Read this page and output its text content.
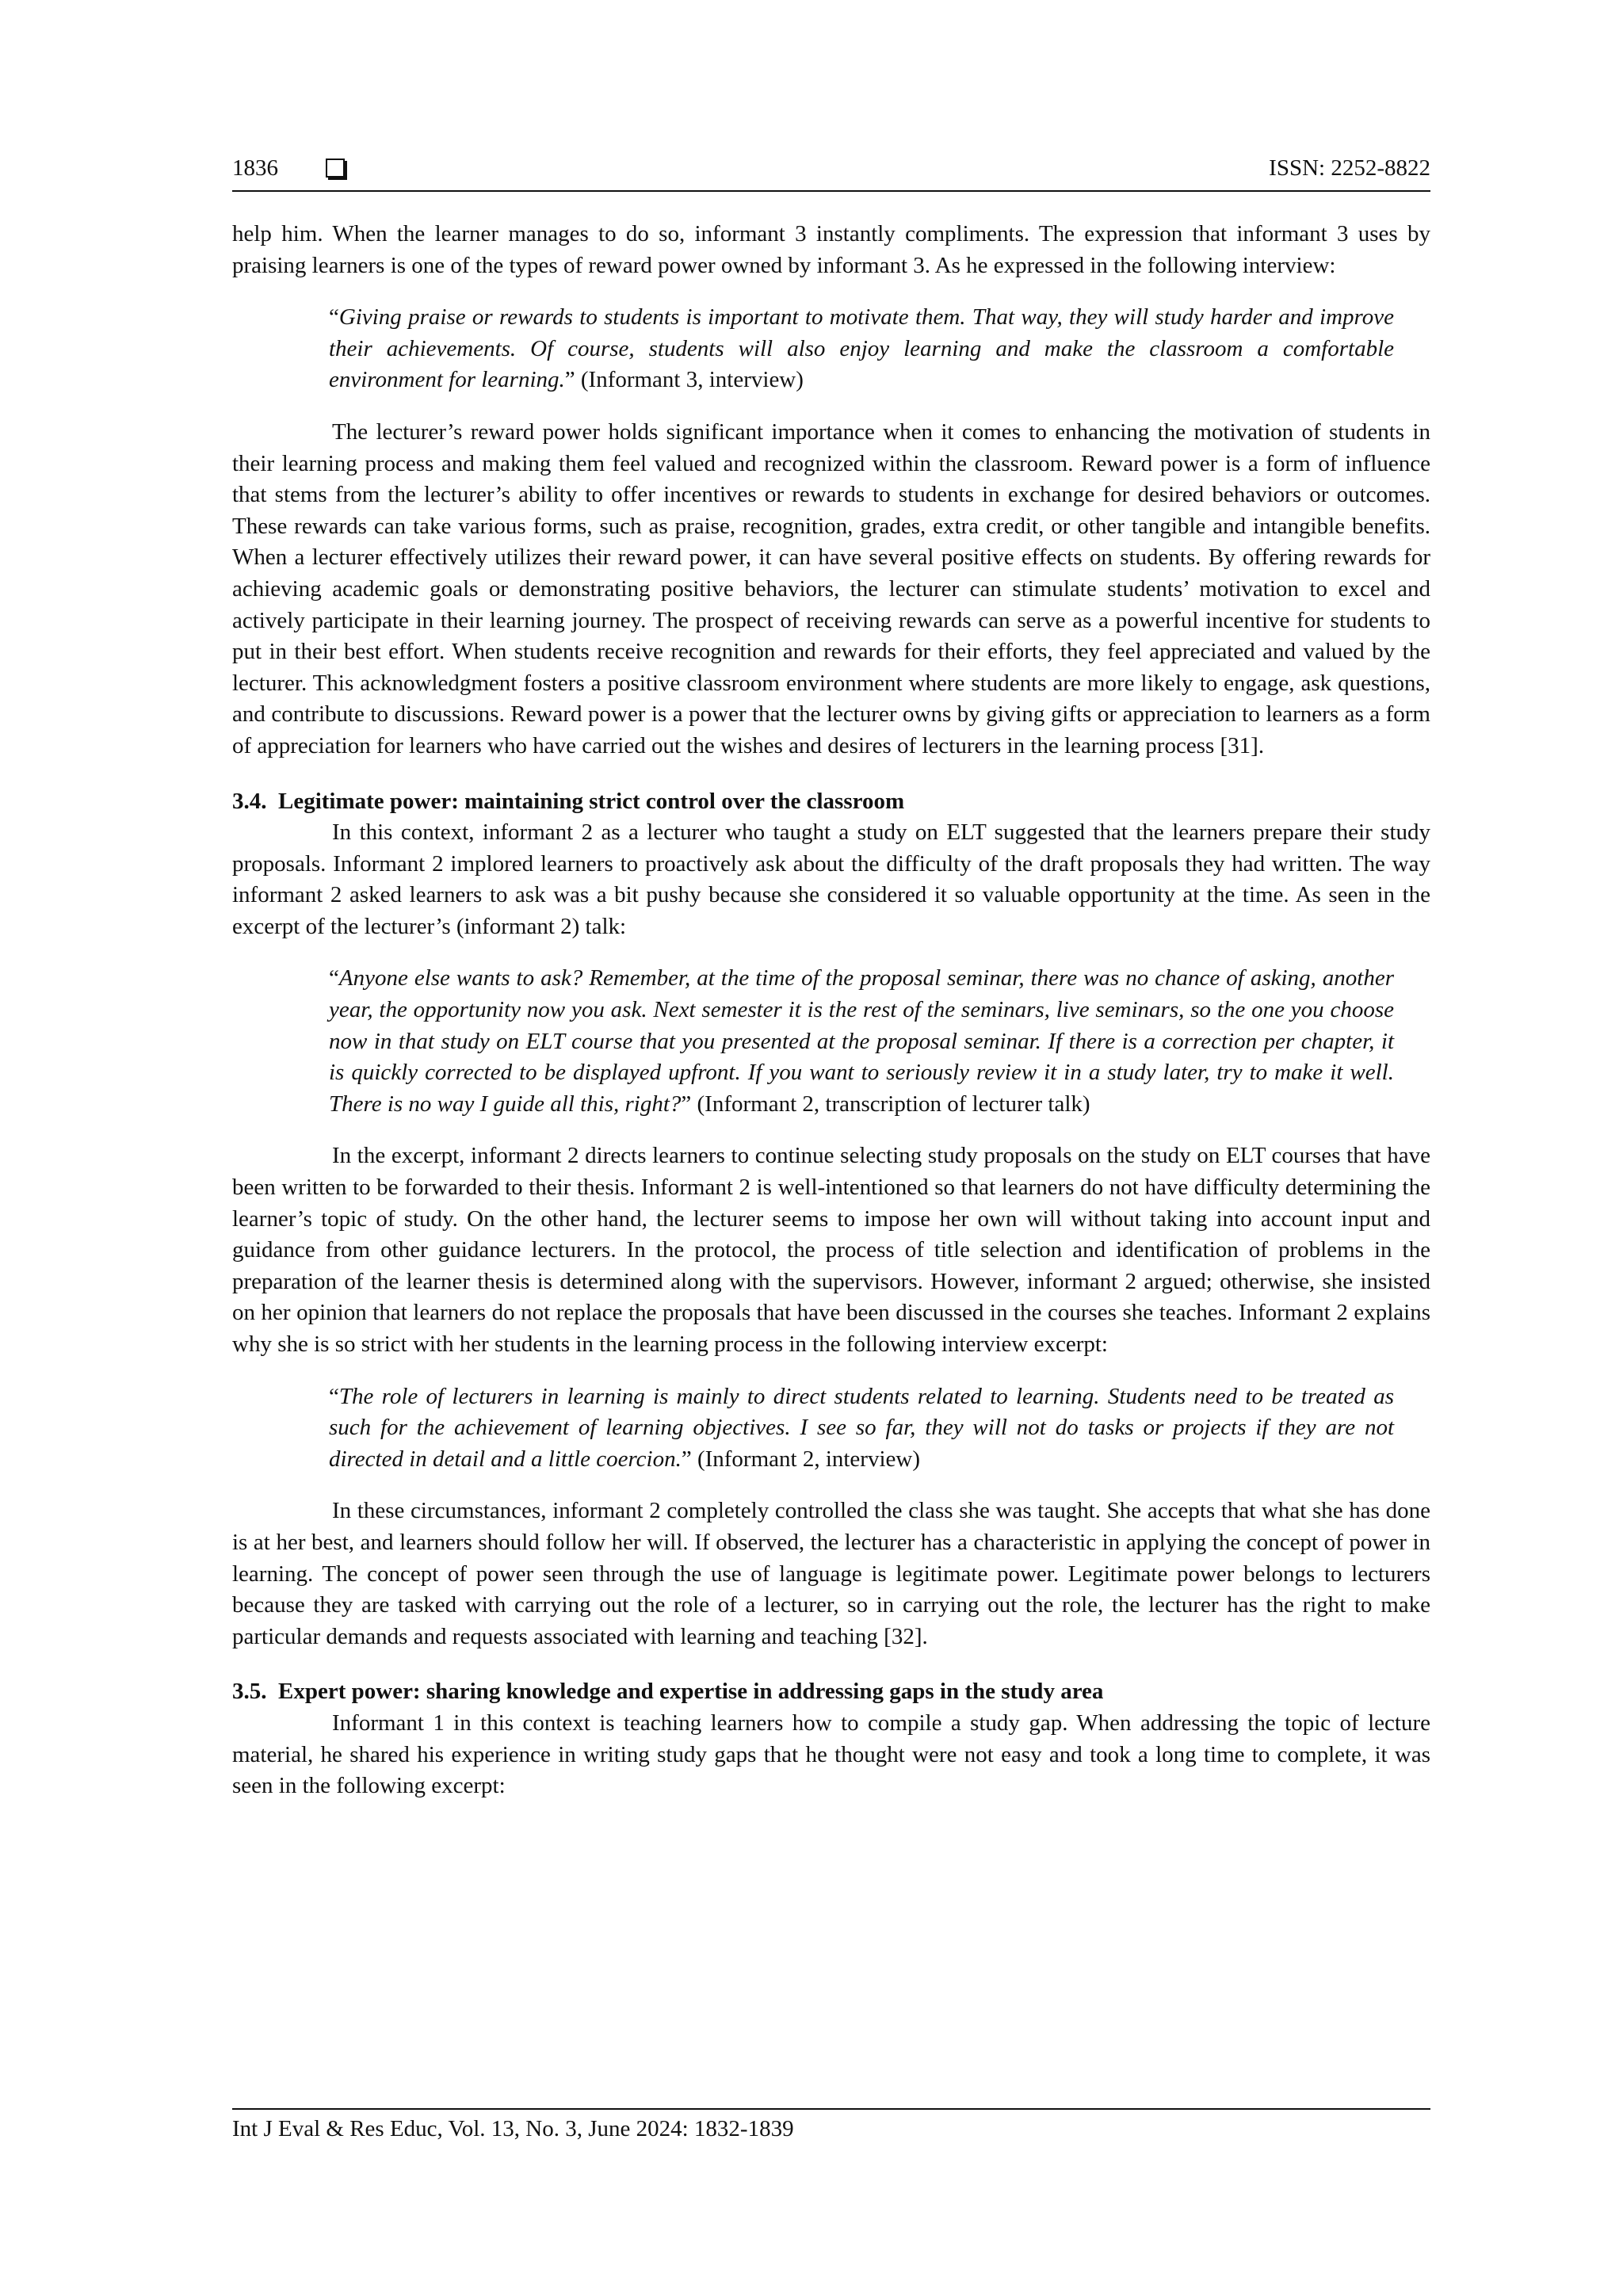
1836	ISSN: 2252-8822

help him. When the learner manages to do so, informant 3 instantly compliments. The expression that informant 3 uses by praising learners is one of the types of reward power owned by informant 3. As he expressed in the following interview:

“Giving praise or rewards to students is important to motivate them. That way, they will study harder and improve their achievements. Of course, students will also enjoy learning and make the classroom a comfortable environment for learning.” (Informant 3, interview)

The lecturer’s reward power holds significant importance when it comes to enhancing the motivation of students in their learning process and making them feel valued and recognized within the classroom. Reward power is a form of influence that stems from the lecturer’s ability to offer incentives or rewards to students in exchange for desired behaviors or outcomes. These rewards can take various forms, such as praise, recognition, grades, extra credit, or other tangible and intangible benefits. When a lecturer effectively utilizes their reward power, it can have several positive effects on students. By offering rewards for achieving academic goals or demonstrating positive behaviors, the lecturer can stimulate students’ motivation to excel and actively participate in their learning journey. The prospect of receiving rewards can serve as a powerful incentive for students to put in their best effort. When students receive recognition and rewards for their efforts, they feel appreciated and valued by the lecturer. This acknowledgment fosters a positive classroom environment where students are more likely to engage, ask questions, and contribute to discussions. Reward power is a power that the lecturer owns by giving gifts or appreciation to learners as a form of appreciation for learners who have carried out the wishes and desires of lecturers in the learning process [31].

3.4.  Legitimate power: maintaining strict control over the classroom

In this context, informant 2 as a lecturer who taught a study on ELT suggested that the learners prepare their study proposals. Informant 2 implored learners to proactively ask about the difficulty of the draft proposals they had written. The way informant 2 asked learners to ask was a bit pushy because she considered it so valuable opportunity at the time. As seen in the excerpt of the lecturer’s (informant 2) talk:

“Anyone else wants to ask? Remember, at the time of the proposal seminar, there was no chance of asking, another year, the opportunity now you ask. Next semester it is the rest of the seminars, live seminars, so the one you choose now in that study on ELT course that you presented at the proposal seminar. If there is a correction per chapter, it is quickly corrected to be displayed upfront. If you want to seriously review it in a study later, try to make it well. There is no way I guide all this, right?” (Informant 2, transcription of lecturer talk)

In the excerpt, informant 2 directs learners to continue selecting study proposals on the study on ELT courses that have been written to be forwarded to their thesis. Informant 2 is well-intentioned so that learners do not have difficulty determining the learner’s topic of study. On the other hand, the lecturer seems to impose her own will without taking into account input and guidance from other guidance lecturers. In the protocol, the process of title selection and identification of problems in the preparation of the learner thesis is determined along with the supervisors. However, informant 2 argued; otherwise, she insisted on her opinion that learners do not replace the proposals that have been discussed in the courses she teaches. Informant 2 explains why she is so strict with her students in the learning process in the following interview excerpt:

“The role of lecturers in learning is mainly to direct students related to learning. Students need to be treated as such for the achievement of learning objectives. I see so far, they will not do tasks or projects if they are not directed in detail and a little coercion.” (Informant 2, interview)

In these circumstances, informant 2 completely controlled the class she was taught. She accepts that what she has done is at her best, and learners should follow her will. If observed, the lecturer has a characteristic in applying the concept of power in learning. The concept of power seen through the use of language is legitimate power. Legitimate power belongs to lecturers because they are tasked with carrying out the role of a lecturer, so in carrying out the role, the lecturer has the right to make particular demands and requests associated with learning and teaching [32].

3.5.  Expert power: sharing knowledge and expertise in addressing gaps in the study area

Informant 1 in this context is teaching learners how to compile a study gap. When addressing the topic of lecture material, he shared his experience in writing study gaps that he thought were not easy and took a long time to complete, it was seen in the following excerpt:

Int J Eval & Res Educ, Vol. 13, No. 3, June 2024: 1832-1839
